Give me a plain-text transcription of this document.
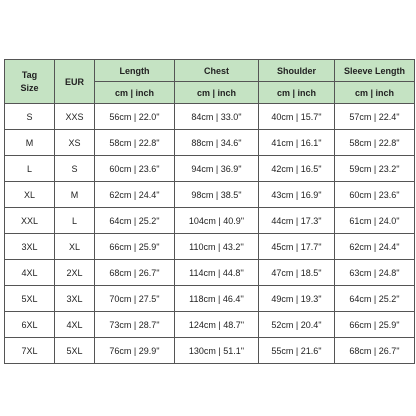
Tag
Size	EUR	Length	Chest	Shoulder	Sleeve Length
		cm | inch	cm | inch	cm | inch	cm | inch
S	XXS	56cm | 22.0''	84cm | 33.0''	40cm | 15.7''	57cm | 22.4''
M	XS	58cm | 22.8''	88cm | 34.6''	41cm | 16.1''	58cm | 22.8''
L	S	60cm | 23.6''	94cm | 36.9''	42cm | 16.5''	59cm | 23.2''
XL	M	62cm | 24.4''	98cm | 38.5''	43cm | 16.9''	60cm | 23.6''
XXL	L	64cm | 25.2''	104cm | 40.9''	44cm | 17.3''	61cm | 24.0''
3XL	XL	66cm | 25.9''	110cm | 43.2''	45cm | 17.7''	62cm | 24.4''
4XL	2XL	68cm | 26.7''	114cm | 44.8''	47cm | 18.5''	63cm | 24.8''
5XL	3XL	70cm | 27.5''	118cm | 46.4''	49cm | 19.3''	64cm | 25.2''
6XL	4XL	73cm | 28.7''	124cm | 48.7''	52cm | 20.4''	66cm | 25.9''
7XL	5XL	76cm | 29.9''	130cm | 51.1''	55cm | 21.6''	68cm | 26.7''
